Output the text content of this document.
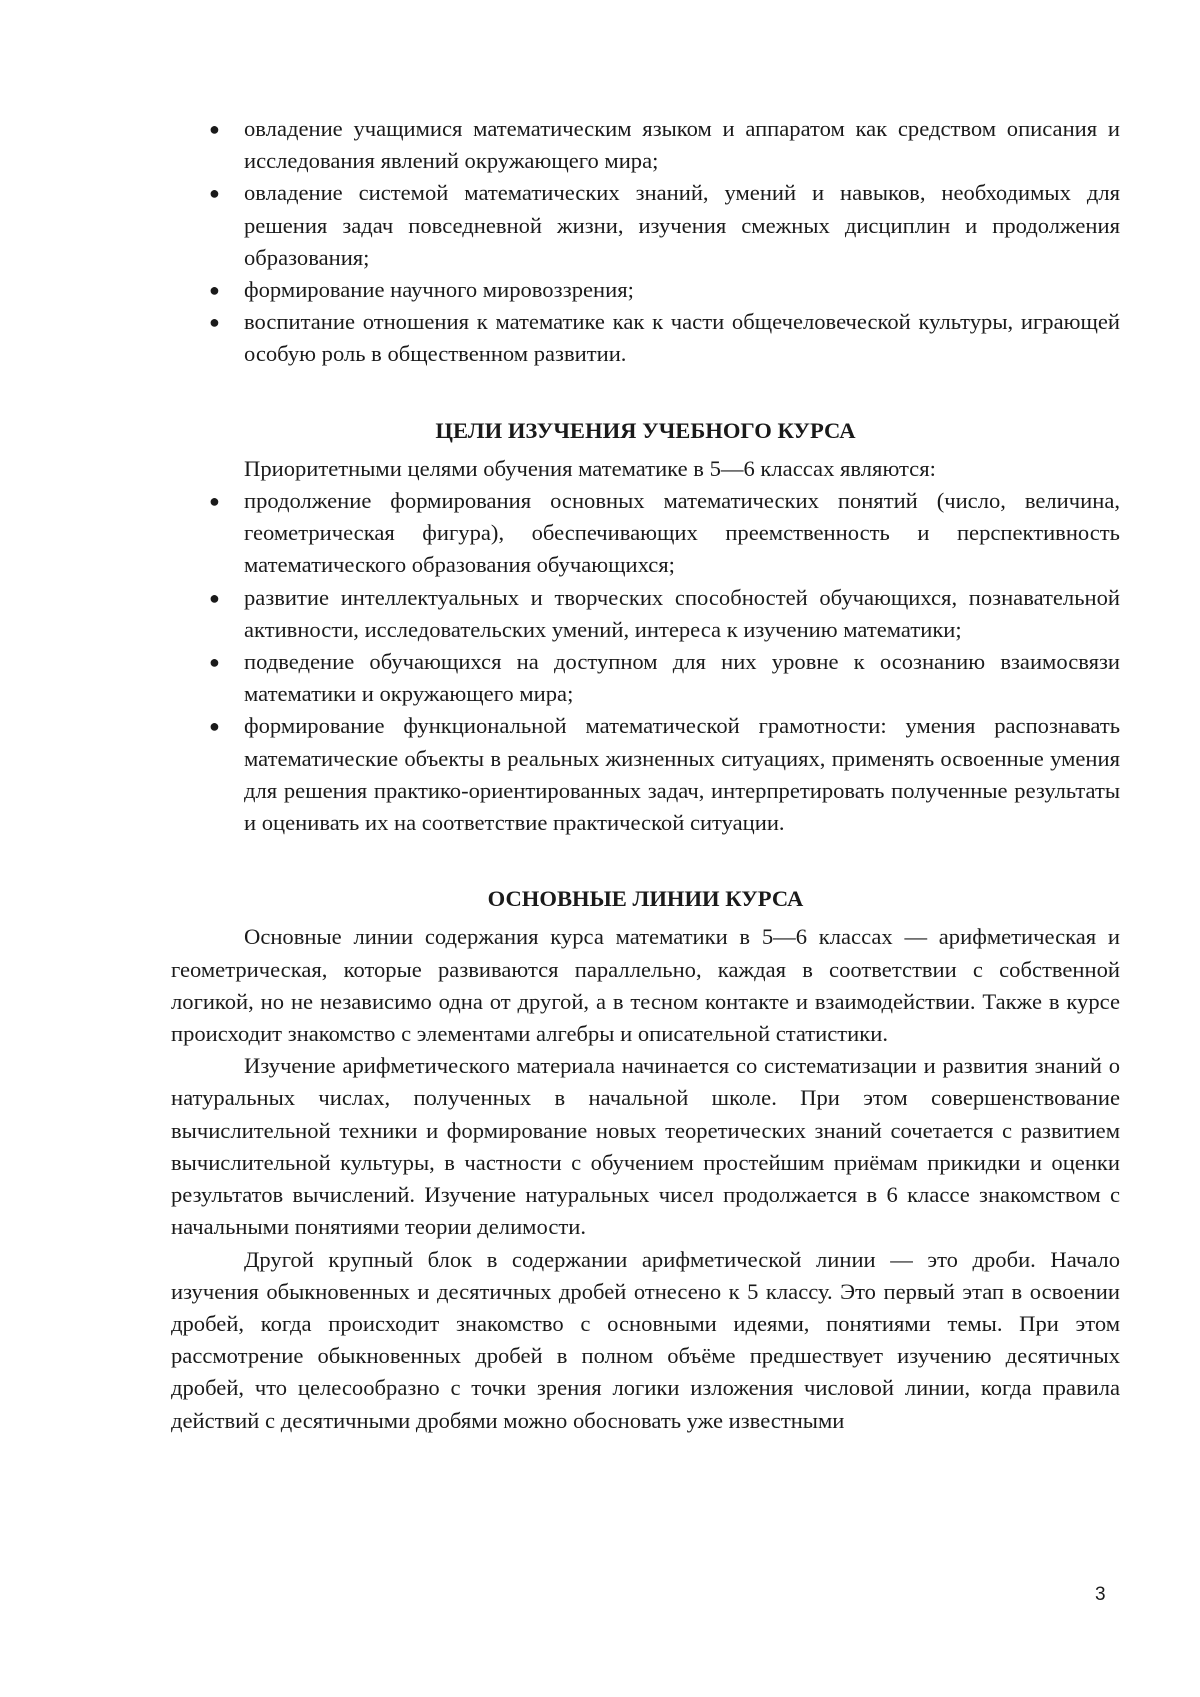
●	овладение учащимися математическим языком и аппаратом как средством описания и исследования явлений окружающего мира;
●	овладение системой математических знаний, умений и навыков, необходимых для решения задач повседневной жизни, изучения смежных дисциплин и продолжения образования;
●	формирование научного мировоззрения;
●	воспитание отношения к математике как к части общечеловеческой культуры, играющей особую роль в общественном развитии.
ЦЕЛИ ИЗУЧЕНИЯ УЧЕБНОГО КУРСА

Приоритетными целями обучения математике в 5—6 классах являются:

●	продолжение формирования основных математических понятий (число, величина, геометрическая фигура), обеспечивающих преемственность и перспективность математического образования обучающихся;
●	развитие интеллектуальных и творческих способностей обучающихся, познавательной активности, исследовательских умений, интереса к изучению математики;
●	подведение обучающихся на доступном для них уровне к осознанию взаимосвязи математики и окружающего мира;
●	формирование функциональной математической грамотности: умения распознавать математические объекты в реальных жизненных ситуациях, применять освоенные умения для решения практико-ориентированных задач, интерпретировать полученные результаты и оценивать их на соответствие практической ситуации.
ОСНОВНЫЕ ЛИНИИ КУРСА

Основные линии содержания курса математики в 5—6 классах — арифметическая и геометрическая, которые развиваются параллельно, каждая в соответствии с собственной логикой, но не независимо одна от другой, а в тесном контакте и взаимодействии. Также в курсе происходит знакомство с элементами алгебры и описательной статистики.

Изучение арифметического материала начинается со систематизации и развития знаний о натуральных числах, полученных в начальной школе. При этом совершенствование вычислительной техники и формирование новых теоретических знаний сочетается с развитием вычислительной культуры, в частности с обучением простейшим приёмам прикидки и оценки результатов вычислений. Изучение натуральных чисел продолжается в 6 классе знакомством с начальными понятиями теории делимости.

Другой крупный блок в содержании арифметической линии — это дроби. Начало изучения обыкновенных и десятичных дробей отнесено к 5 классу. Это первый этап в освоении дробей, когда происходит знакомство с основными идеями, понятиями темы. При этом рассмотрение обыкновенных дробей в полном объёме предшествует изучению десятичных дробей, что целесообразно с точки зрения логики изложения числовой линии, когда правила действий с десятичными дробями можно обосновать уже известными

3
